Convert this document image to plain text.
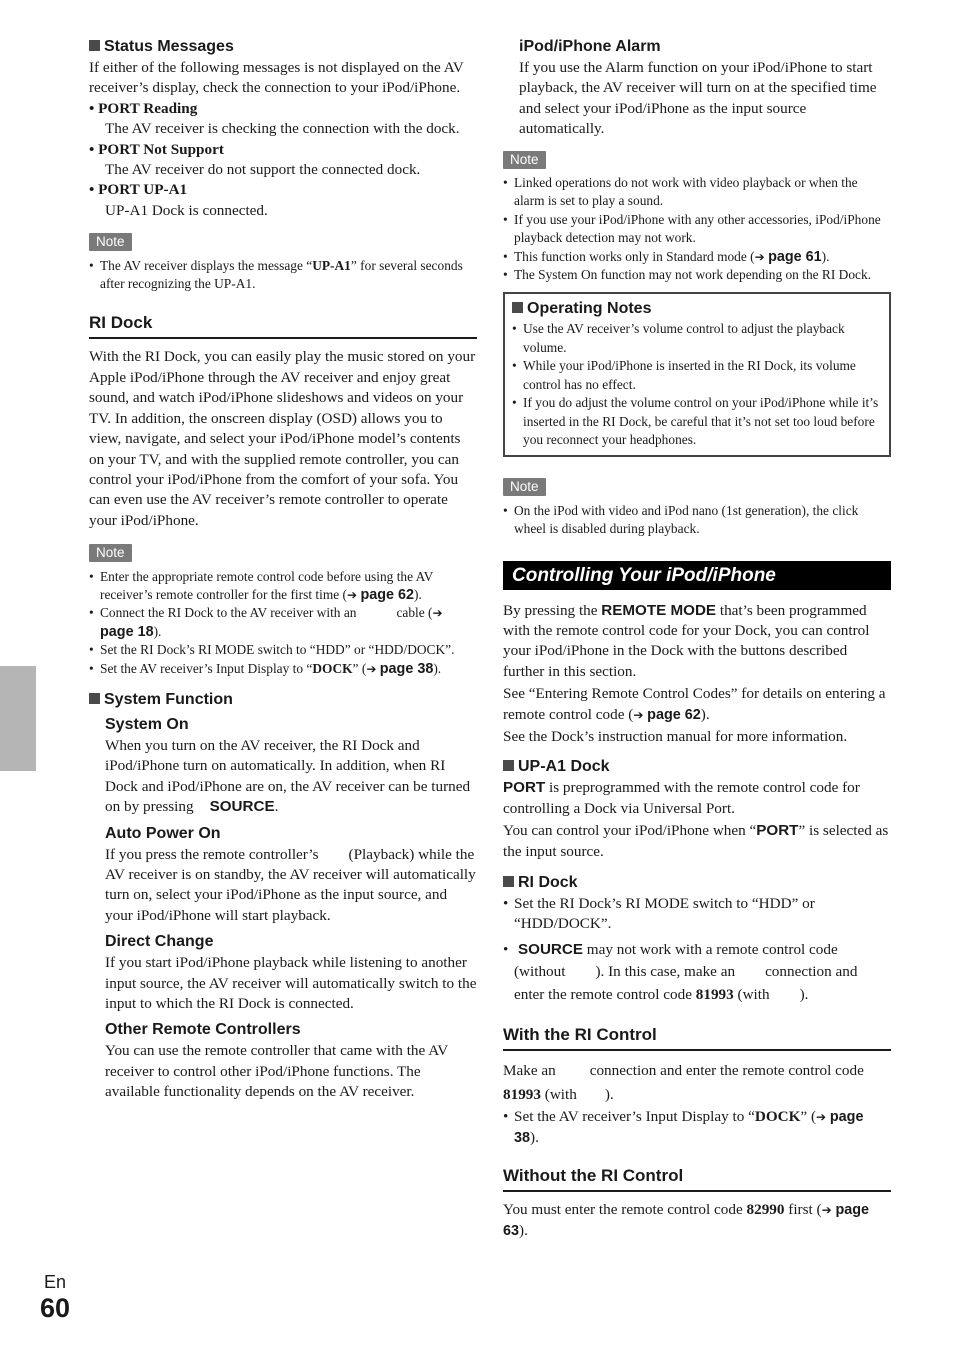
En
60
Status Messages

If either of the following messages is not displayed on the AV receiver’s display, check the connection to your iPod/iPhone.

• PORT Reading

The AV receiver is checking the connection with the dock.

• PORT Not Support

The AV receiver do not support the connected dock.

• PORT UP-A1

UP-A1 Dock is connected.

Note
• The AV receiver displays the message “UP-A1” for several seconds after recognizing the UP-A1.
RI Dock

With the RI Dock, you can easily play the music stored on your Apple iPod/iPhone through the AV receiver and enjoy great sound, and watch iPod/iPhone slideshows and videos on your TV. In addition, the onscreen display (OSD) allows you to view, navigate, and select your iPod/iPhone model’s contents on your TV, and with the supplied remote controller, you can control your iPod/iPhone from the comfort of your sofa. You can even use the AV receiver’s remote controller to operate your iPod/iPhone.

Note
• Enter the appropriate remote control code before using the AV receiver’s remote controller for the first time (➔ page 62).
• Connect the RI Dock to the AV receiver with an	cable (➔ page 18).
• Set the RI Dock’s RI MODE switch to “HDD” or “HDD/DOCK”.
• Set the AV receiver’s Input Display to “DOCK” (➔ page 38).
System Function
System On

When you turn on the AV receiver, the RI Dock and iPod/iPhone turn on automatically. In addition, when RI Dock and iPod/iPhone are on, the AV receiver can be turned on by pressing SOURCE.

Auto Power On

If you press the remote controller’s (Playback) while the AV receiver is on standby, the AV receiver will automatically turn on, select your iPod/iPhone as the input source, and your iPod/iPhone will start playback.

Direct Change

If you start iPod/iPhone playback while listening to another input source, the AV receiver will automatically switch to the input to which the RI Dock is connected.

Other Remote Controllers

You can use the remote controller that came with the AV receiver to control other iPod/iPhone functions. The available functionality depends on the AV receiver.

iPod/iPhone Alarm

If you use the Alarm function on your iPod/iPhone to start playback, the AV receiver will turn on at the specified time and select your iPod/iPhone as the input source automatically.

Note
• Linked operations do not work with video playback or when the alarm is set to play a sound.
• If you use your iPod/iPhone with any other accessories, iPod/iPhone playback detection may not work.
• This function works only in Standard mode (➔ page 61).
• The System On function may not work depending on the RI Dock.
Operating Notes
• Use the AV receiver’s volume control to adjust the playback volume.
• While your iPod/iPhone is inserted in the RI Dock, its volume control has no effect.
• If you do adjust the volume control on your iPod/iPhone while it’s inserted in the RI Dock, be careful that it’s not set too loud before you reconnect your headphones.
Note
• On the iPod with video and iPod nano (1st generation), the click wheel is disabled during playback.
Controlling Your iPod/iPhone

By pressing the REMOTE MODE that’s been programmed with the remote control code for your Dock, you can control your iPod/iPhone in the Dock with the buttons described further in this section.

See “Entering Remote Control Codes” for details on entering a remote control code (➔ page 62).

See the Dock’s instruction manual for more information.

UP-A1 Dock

PORT is preprogrammed with the remote control code for controlling a Dock via Universal Port.

You can control your iPod/iPhone when “PORT” is selected as the input source.

RI Dock
• Set the RI Dock’s RI MODE switch to “HDD” or “HDD/DOCK”.
• SOURCE may not work with a remote control code (without ). In this case, make an connection and enter the remote control code 81993 (with ).
With the RI Control

Make an connection and enter the remote control code 81993 (with ).

• Set the AV receiver’s Input Display to “DOCK” (➔ page 38).
Without the RI Control

You must enter the remote control code 82990 first (➔ page 63).
